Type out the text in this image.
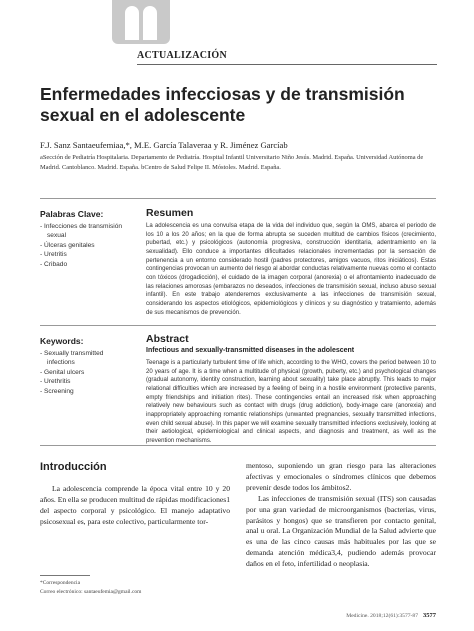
ACTUALIZACIÓN
Enfermedades infecciosas y de transmisión sexual en el adolescente
F.J. Sanz Santaeufemiaa,*, M.E. García Talaveraa y R. Jiménez Garcíab
aSección de Pediatría Hospitalaria. Departamento de Pediatría. Hospital Infantil Universitario Niño Jesús. Madrid. España. Universidad Autónoma de Madrid. Cantoblanco. Madrid. España. bCentro de Salud Felipe II. Móstoles. Madrid. España.
Palabras Clave:
- Infecciones de transmisión sexual
- Úlceras genitales
- Uretritis
- Cribado
Resumen
La adolescencia es una convulsa etapa de la vida del individuo que, según la OMS, abarca el periodo de los 10 a los 20 años; en la que de forma abrupta se suceden multitud de cambios físicos (crecimiento, pubertad, etc.) y psicológicos (autonomía progresiva, construcción identitaria, adentramiento en la sexualidad). Ello conduce a importantes dificultades relacionales incrementadas por la sensación de pertenencia a un entorno considerado hostil (padres protectores, amigos vacuos, ritos iniciáticos). Estas contingencias provocan un aumento del riesgo al abordar conductas relativamente nuevas como el contacto con tóxicos (drogadicción), el cuidado de la imagen corporal (anorexia) o el afrontamiento inadecuado de las relaciones amorosas (embarazos no deseados, infecciones de transmisión sexual, incluso abuso sexual infantil). En este trabajo atenderemos exclusivamente a las infecciones de transmisión sexual, considerando los aspectos etiológicos, epidemiológicos y clínicos y su diagnóstico y tratamiento, además de sus mecanismos de prevención.
Keywords:
- Sexually transmitted infections
- Genital ulcers
- Urethritis
- Screening
Abstract
Infectious and sexually-transmitted diseases in the adolescent
Teenage is a particularly turbulent time of life which, according to the WHO, covers the period between 10 to 20 years of age. It is a time when a multitude of physical (growth, puberty, etc.) and psychological changes (gradual autonomy, identity construction, learning about sexuality) take place abruptly. This leads to major relational difficulties which are increased by a feeling of being in a hostile environment (protective parents, empty friendships and initiation rites). These contingencies entail an increased risk when approaching relatively new behaviours such as contact with drugs (drug addiction), body-image care (anorexia) and inappropriately approaching romantic relationships (unwanted pregnancies, sexually transmitted infections, even child sexual abuse). In this paper we will examine sexually transmitted infections exclusively, looking at their aetiological, epidemiological and clinical aspects, and diagnosis and treatment, as well as the prevention mechanisms.
Introducción

La adolescencia comprende la época vital entre 10 y 20 años. En ella se producen multitud de rápidas modificaciones1 del aspecto corporal y psicológico. El manejo adaptativo psicosexual es, para este colectivo, particularmente tor-

mentoso, suponiendo un gran riesgo para las alteraciones afectivas y emocionales o síndromes clínicos que debemos prevenir desde todos los ámbitos2.

Las infecciones de transmisión sexual (ITS) son causadas por una gran variedad de microorganismos (bacterias, virus, parásitos y hongos) que se transfieren por contacto genital, anal u oral. La Organización Mundial de la Salud advierte que es una de las cinco causas más habituales por las que se demanda atención médica3,4, pudiendo además provocar daños en el feto, infertilidad o neoplasia.

*Correspondencia
Correo electrónico: santaeufemia@gmail.com
Medicine. 2018;12(61):3577-87 3577
